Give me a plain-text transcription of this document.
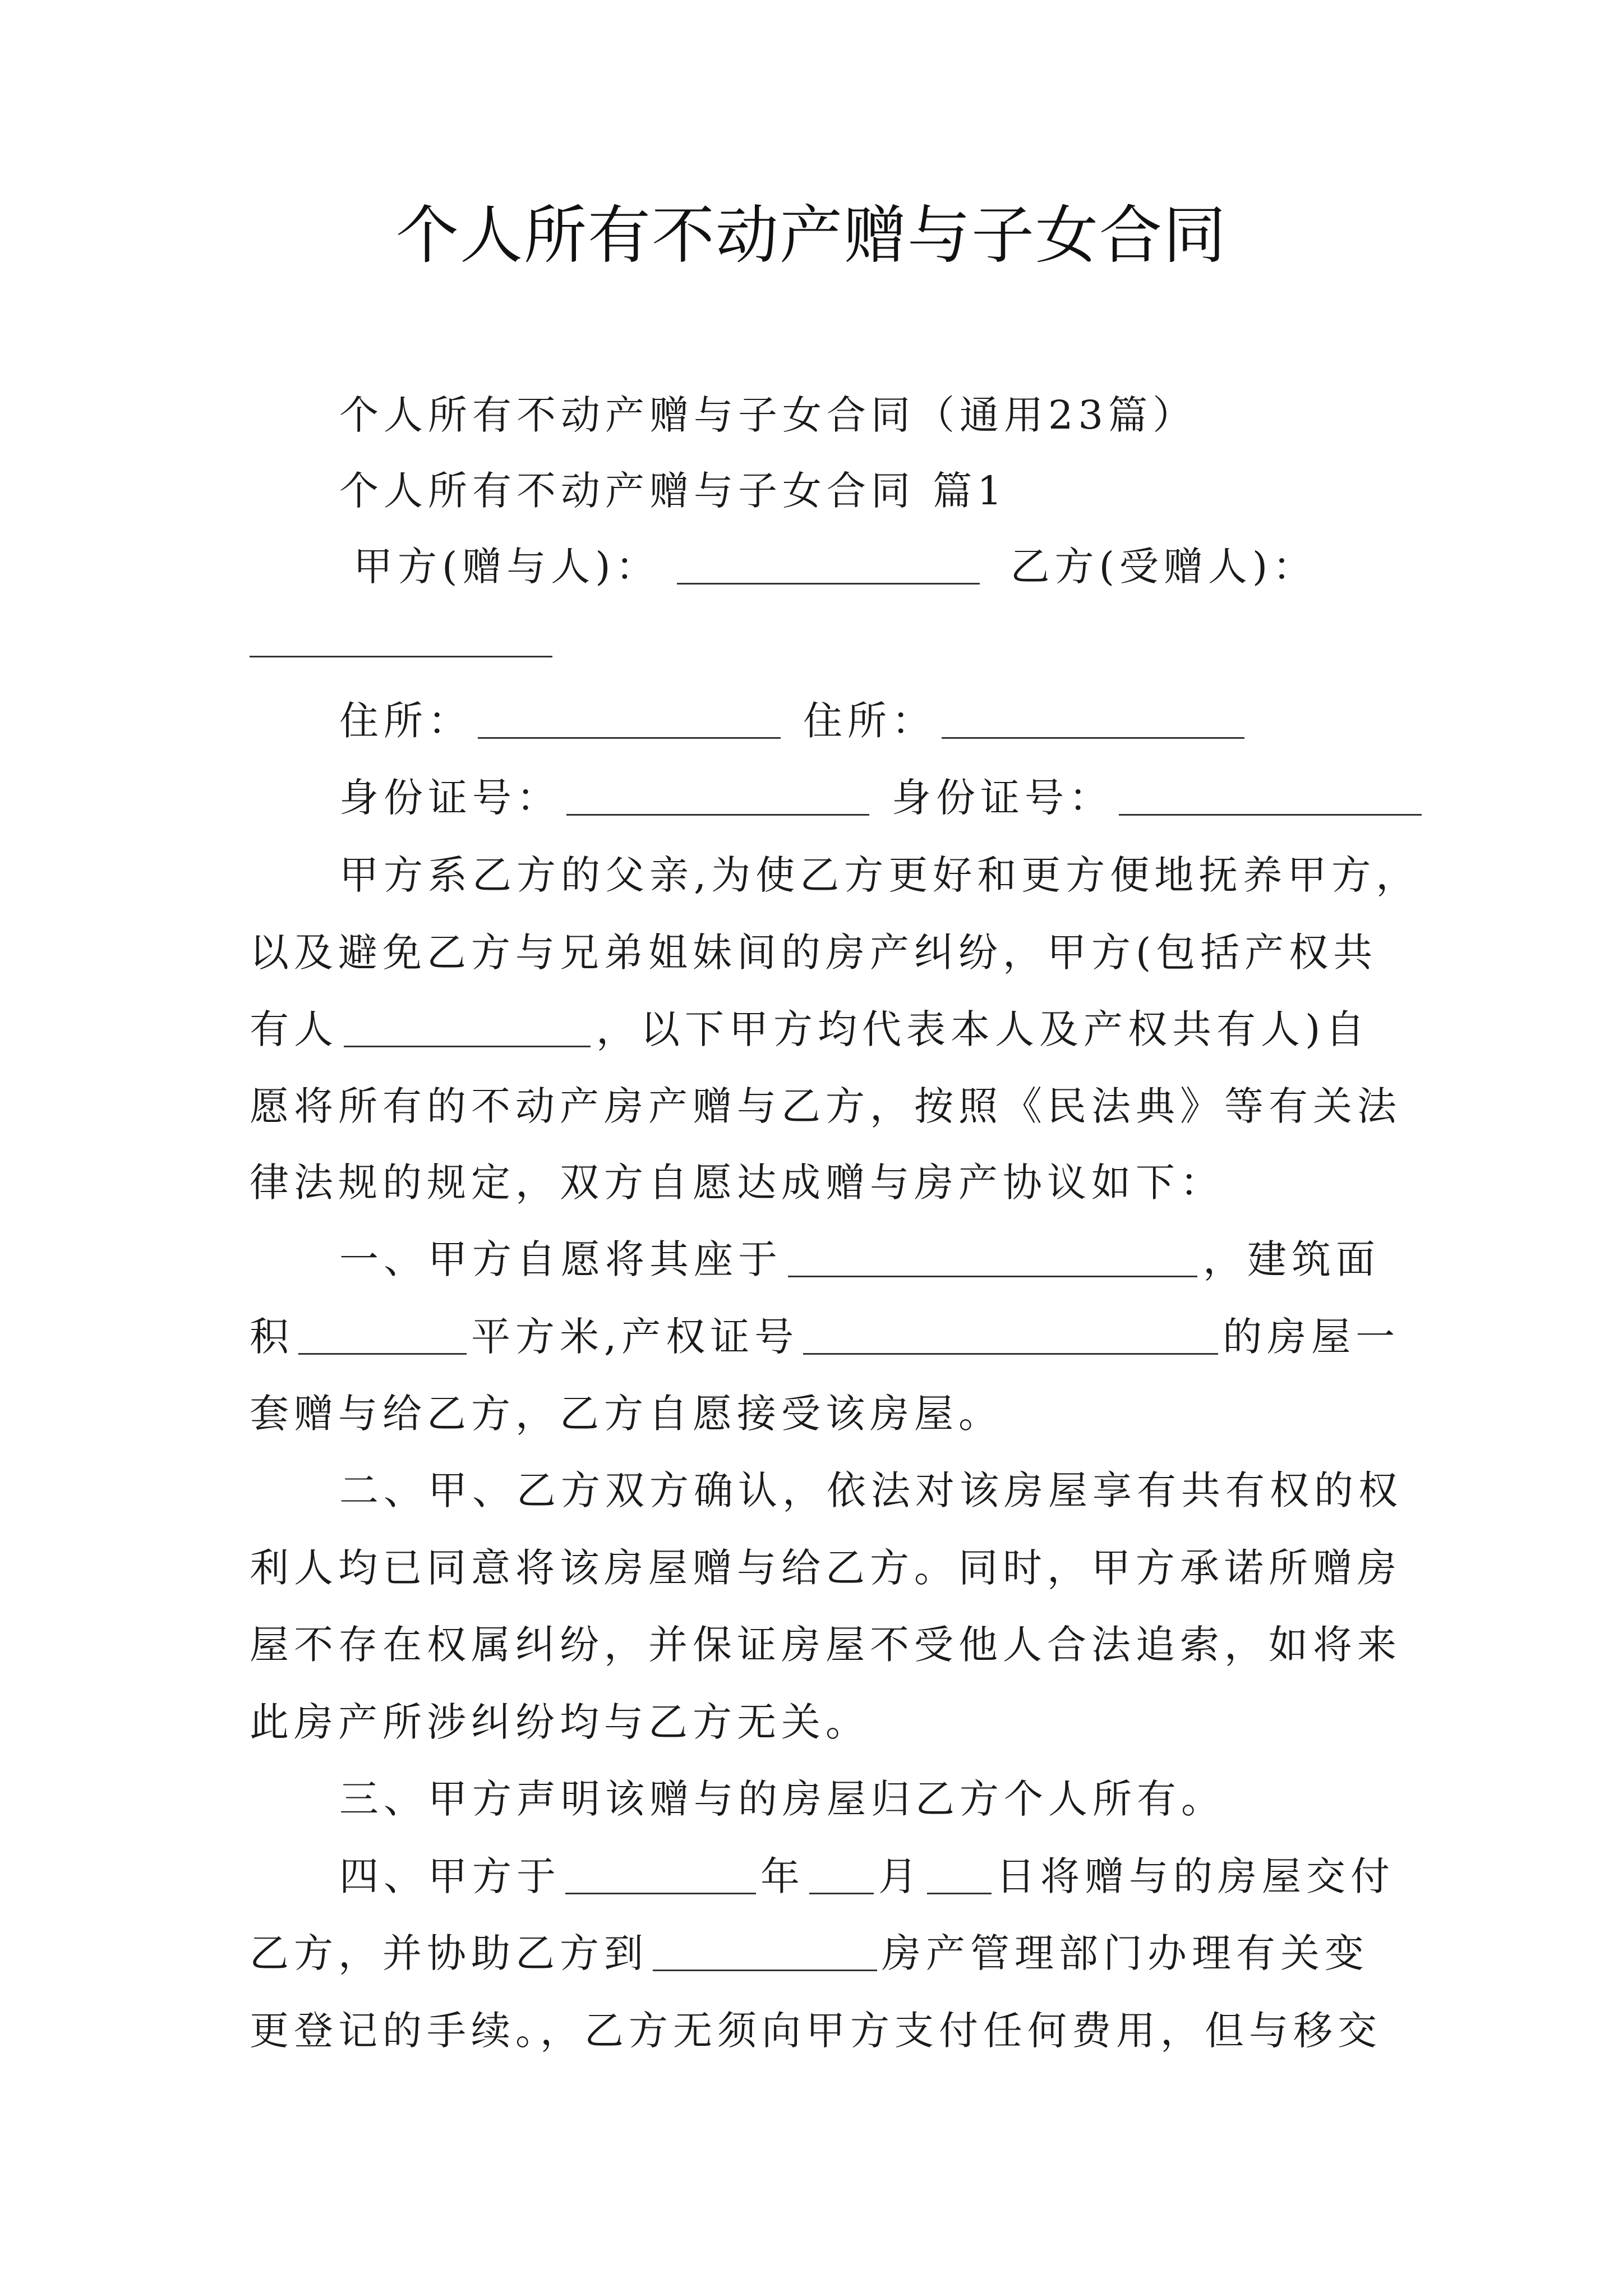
个人所有不动产赠与子女合同
个人所有不动产赠与子女合同（通用23篇）
个人所有不动产赠与子女合同 篇1
甲方(赠与人)：	乙方(受赠人)：
住所：	住所：
身份证号：	身份证号：
甲方系乙方的父亲,为使乙方更好和更方便地抚养甲方，
以及避免乙方与兄弟姐妹间的房产纠纷，甲方(包括产权共
有人	，以下甲方均代表本人及产权共有人)自
愿将所有的不动产房产赠与乙方，按照《民法典》等有关法
律法规的规定，双方自愿达成赠与房产协议如下：
一、甲方自愿将其座于	，建筑面
积	平方米,产权证号	的房屋一
套赠与给乙方，乙方自愿接受该房屋。
二、甲、乙方双方确认，依法对该房屋享有共有权的权
利人均已同意将该房屋赠与给乙方。同时，甲方承诺所赠房
屋不存在权属纠纷，并保证房屋不受他人合法追索，如将来
此房产所涉纠纷均与乙方无关。
三、甲方声明该赠与的房屋归乙方个人所有。
四、甲方于	年 月 日将赠与的房屋交付
乙方，并协助乙方到	房产管理部门办理有关变
更登记的手续。，乙方无须向甲方支付任何费用，但与移交
